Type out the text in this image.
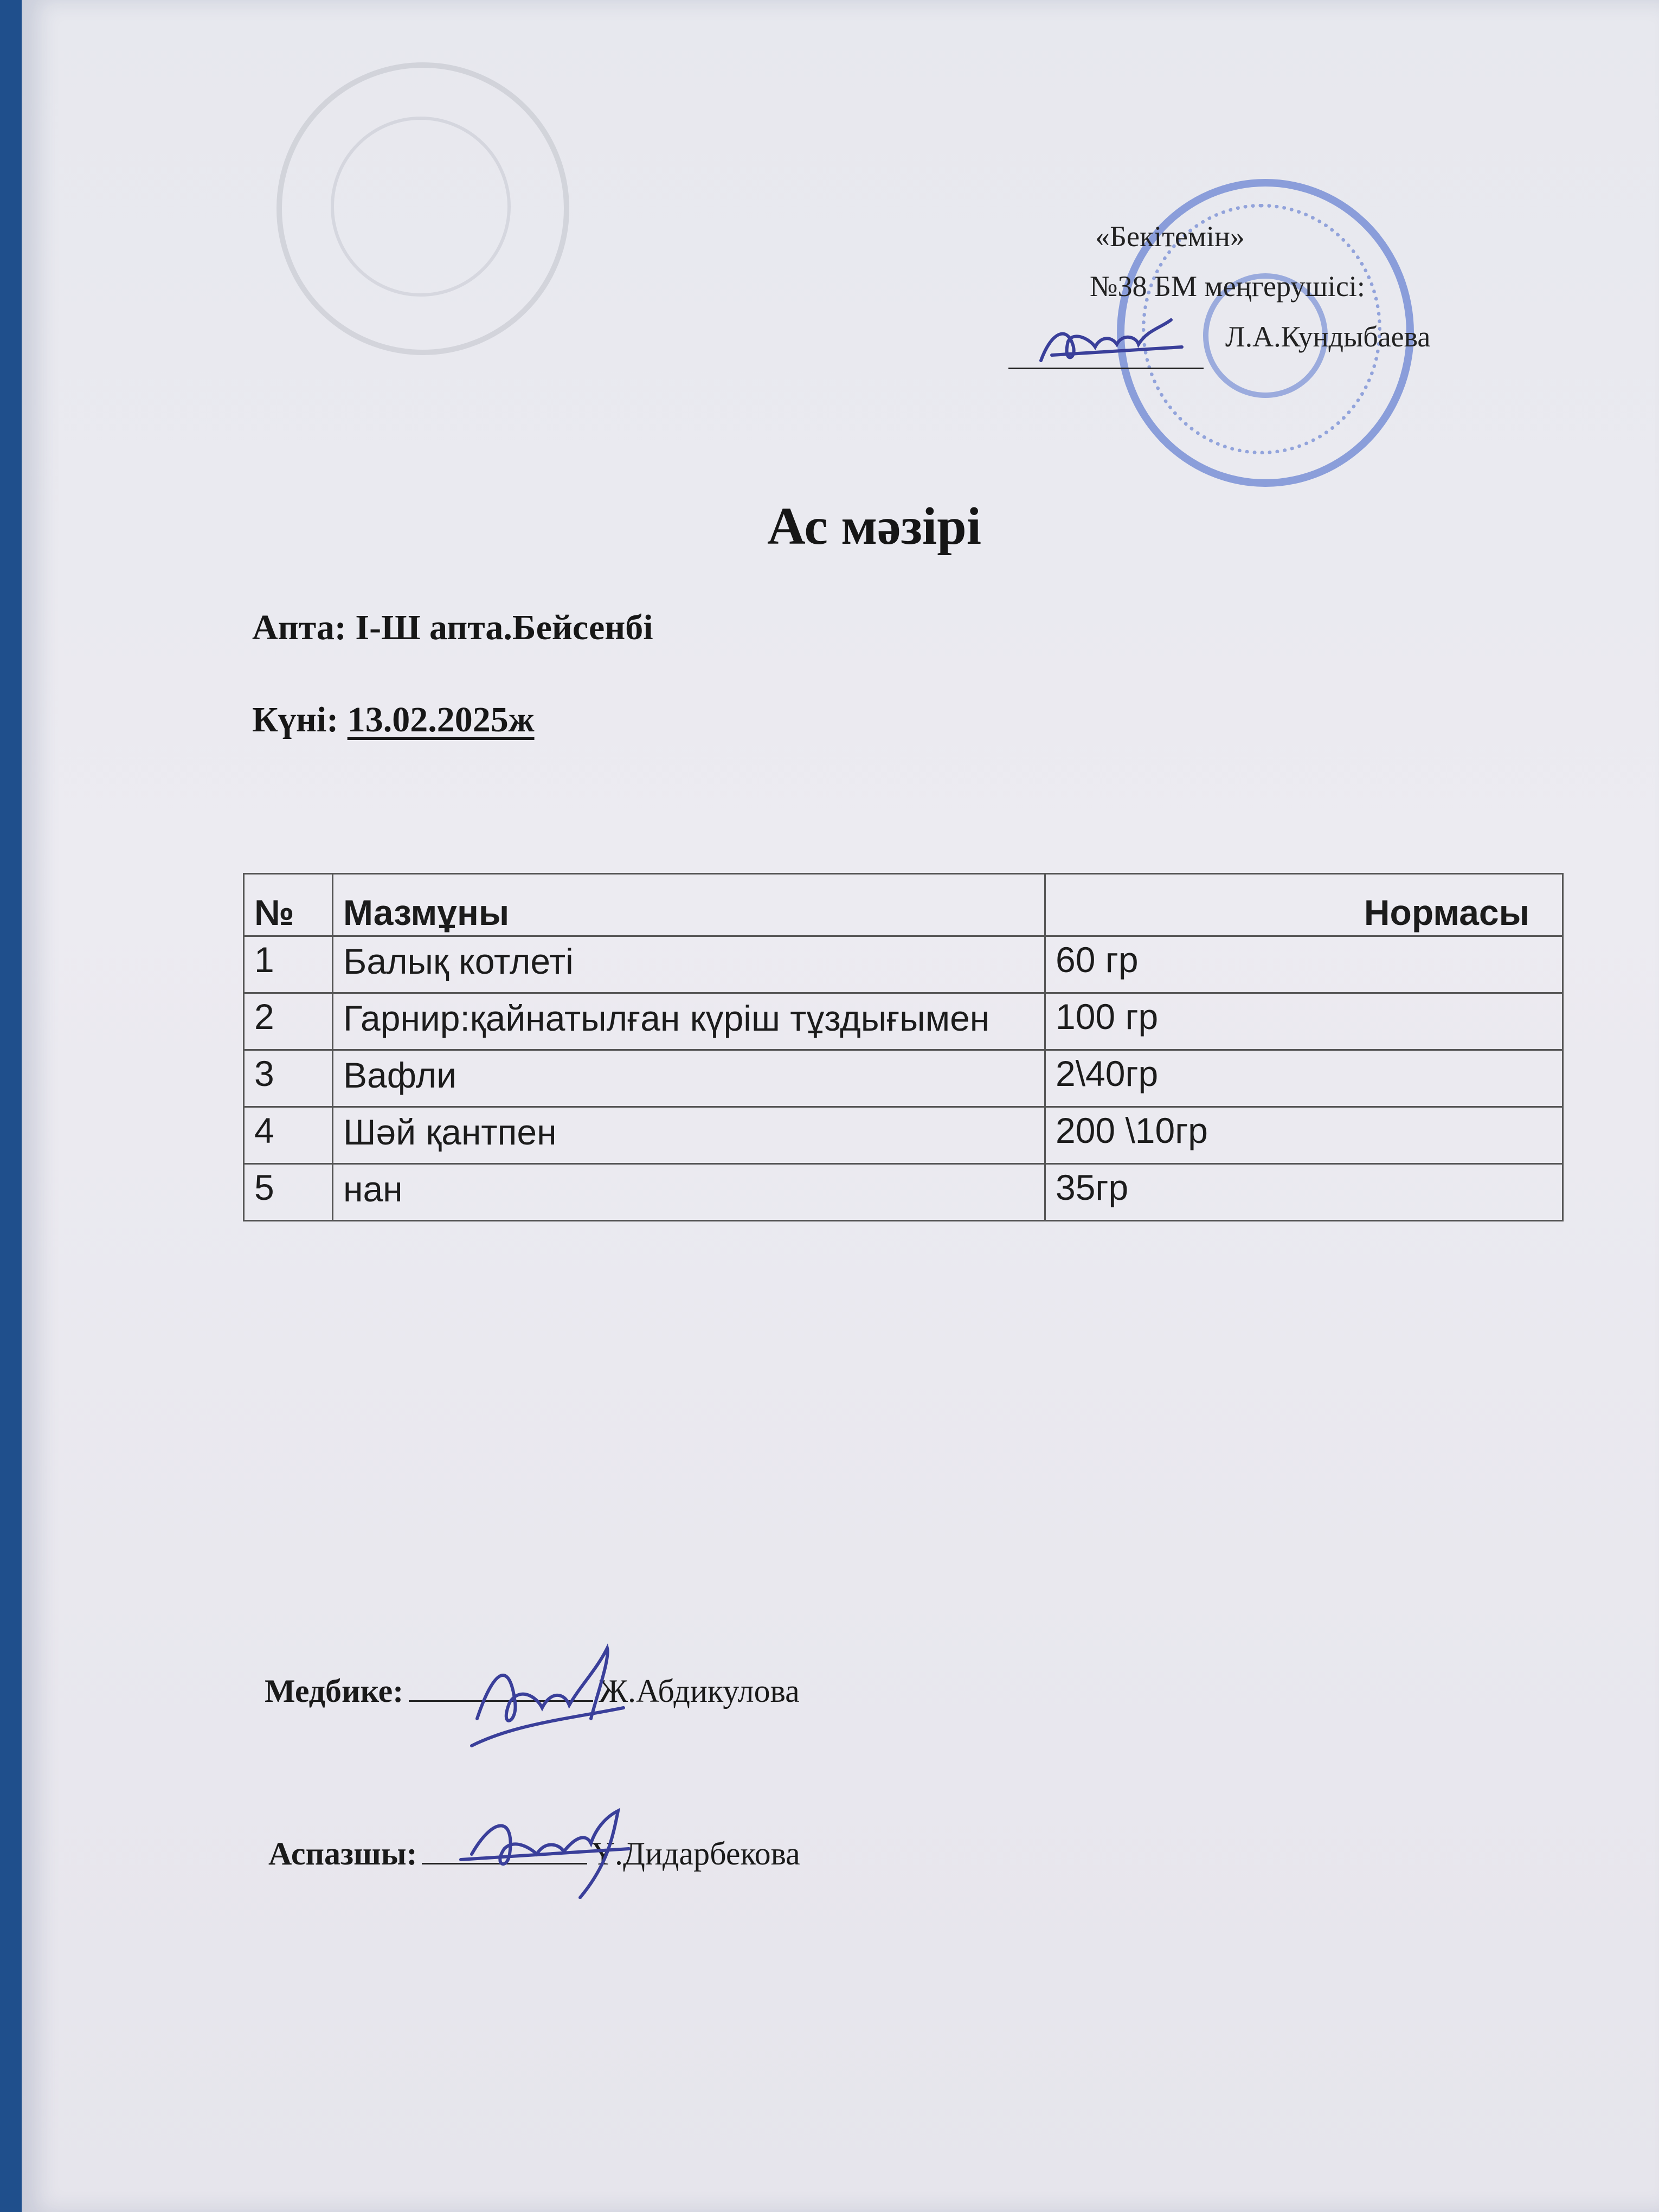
«Бекітемін»
№38 БМ меңгерушісі:
Л.А.Кундыбаева
Ас мәзірі
Апта: І-Ш апта.Бейсенбі
Күні: 13.02.2025ж
№	Мазмұны	Нормасы
1	Балық котлеті	60 гр
2	Гарнир:қайнатылған күріш тұздығымен	100 гр
3	Вафли	2\40гр
4	Шәй қантпен	200 \10гр
5	нан	35гр
Медбике:	Ж.Абдикулова
Аспазшы:	Ү.Дидарбекова
